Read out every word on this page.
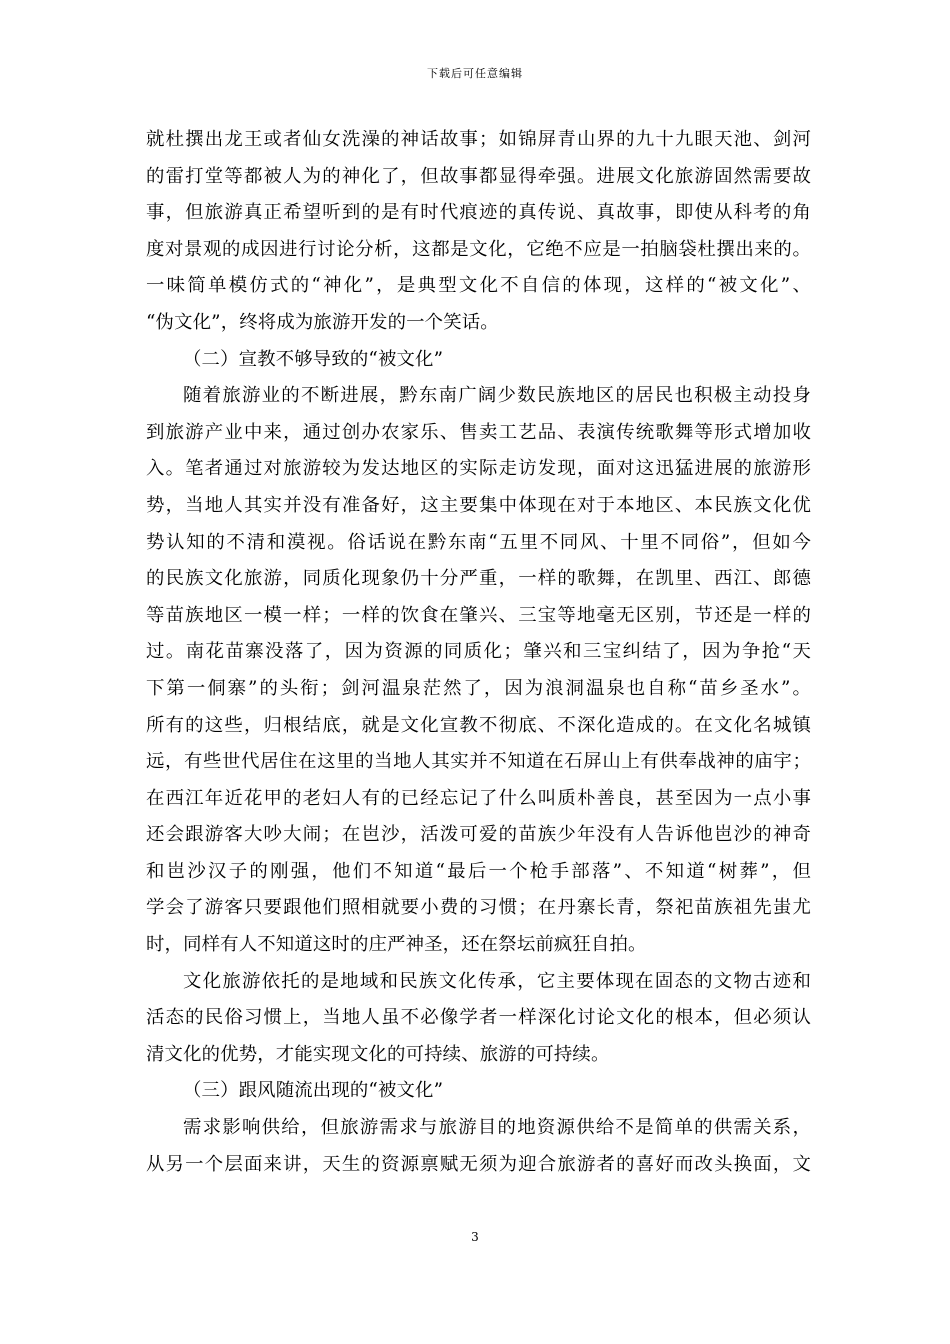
下载后可任意编辑
就杜撰出龙王或者仙女洗澡的神话故事；如锦屏青山界的九十九眼天池、剑河
的雷打堂等都被人为的神化了，但故事都显得牵强。进展文化旅游固然需要故
事，但旅游真正希望听到的是有时代痕迹的真传说、真故事，即使从科考的角
度对景观的成因进行讨论分析，这都是文化，它绝不应是一拍脑袋杜撰出来的。
一味简单模仿式的“神化”，是典型文化不自信的体现，这样的“被文化”、
“伪文化”，终将成为旅游开发的一个笑话。
（二）宣教不够导致的“被文化”
随着旅游业的不断进展，黔东南广阔少数民族地区的居民也积极主动投身
到旅游产业中来，通过创办农家乐、售卖工艺品、表演传统歌舞等形式增加收
入。笔者通过对旅游较为发达地区的实际走访发现，面对这迅猛进展的旅游形
势，当地人其实并没有准备好，这主要集中体现在对于本地区、本民族文化优
势认知的不清和漠视。俗话说在黔东南“五里不同风、十里不同俗”，但如今
的民族文化旅游，同质化现象仍十分严重，一样的歌舞，在凯里、西江、郎德
等苗族地区一模一样；一样的饮食在肇兴、三宝等地毫无区别，节还是一样的
过。南花苗寨没落了，因为资源的同质化；肇兴和三宝纠结了，因为争抢“天
下第一侗寨”的头衔；剑河温泉茫然了，因为浪洞温泉也自称“苗乡圣水”。
所有的这些，归根结底，就是文化宣教不彻底、不深化造成的。在文化名城镇
远，有些世代居住在这里的当地人其实并不知道在石屏山上有供奉战神的庙宇；
在西江年近花甲的老妇人有的已经忘记了什么叫质朴善良，甚至因为一点小事
还会跟游客大吵大闹；在岜沙，活泼可爱的苗族少年没有人告诉他岜沙的神奇
和岜沙汉子的刚强，他们不知道“最后一个枪手部落”、不知道“树葬”，但
学会了游客只要跟他们照相就要小费的习惯；在丹寨长青，祭祀苗族祖先蚩尤
时，同样有人不知道这时的庄严神圣，还在祭坛前疯狂自拍。
文化旅游依托的是地域和民族文化传承，它主要体现在固态的文物古迹和
活态的民俗习惯上，当地人虽不必像学者一样深化讨论文化的根本，但必须认
清文化的优势，才能实现文化的可持续、旅游的可持续。
（三）跟风随流出现的“被文化”
需求影响供给，但旅游需求与旅游目的地资源供给不是简单的供需关系，
从另一个层面来讲，天生的资源禀赋无须为迎合旅游者的喜好而改头换面，文
3
